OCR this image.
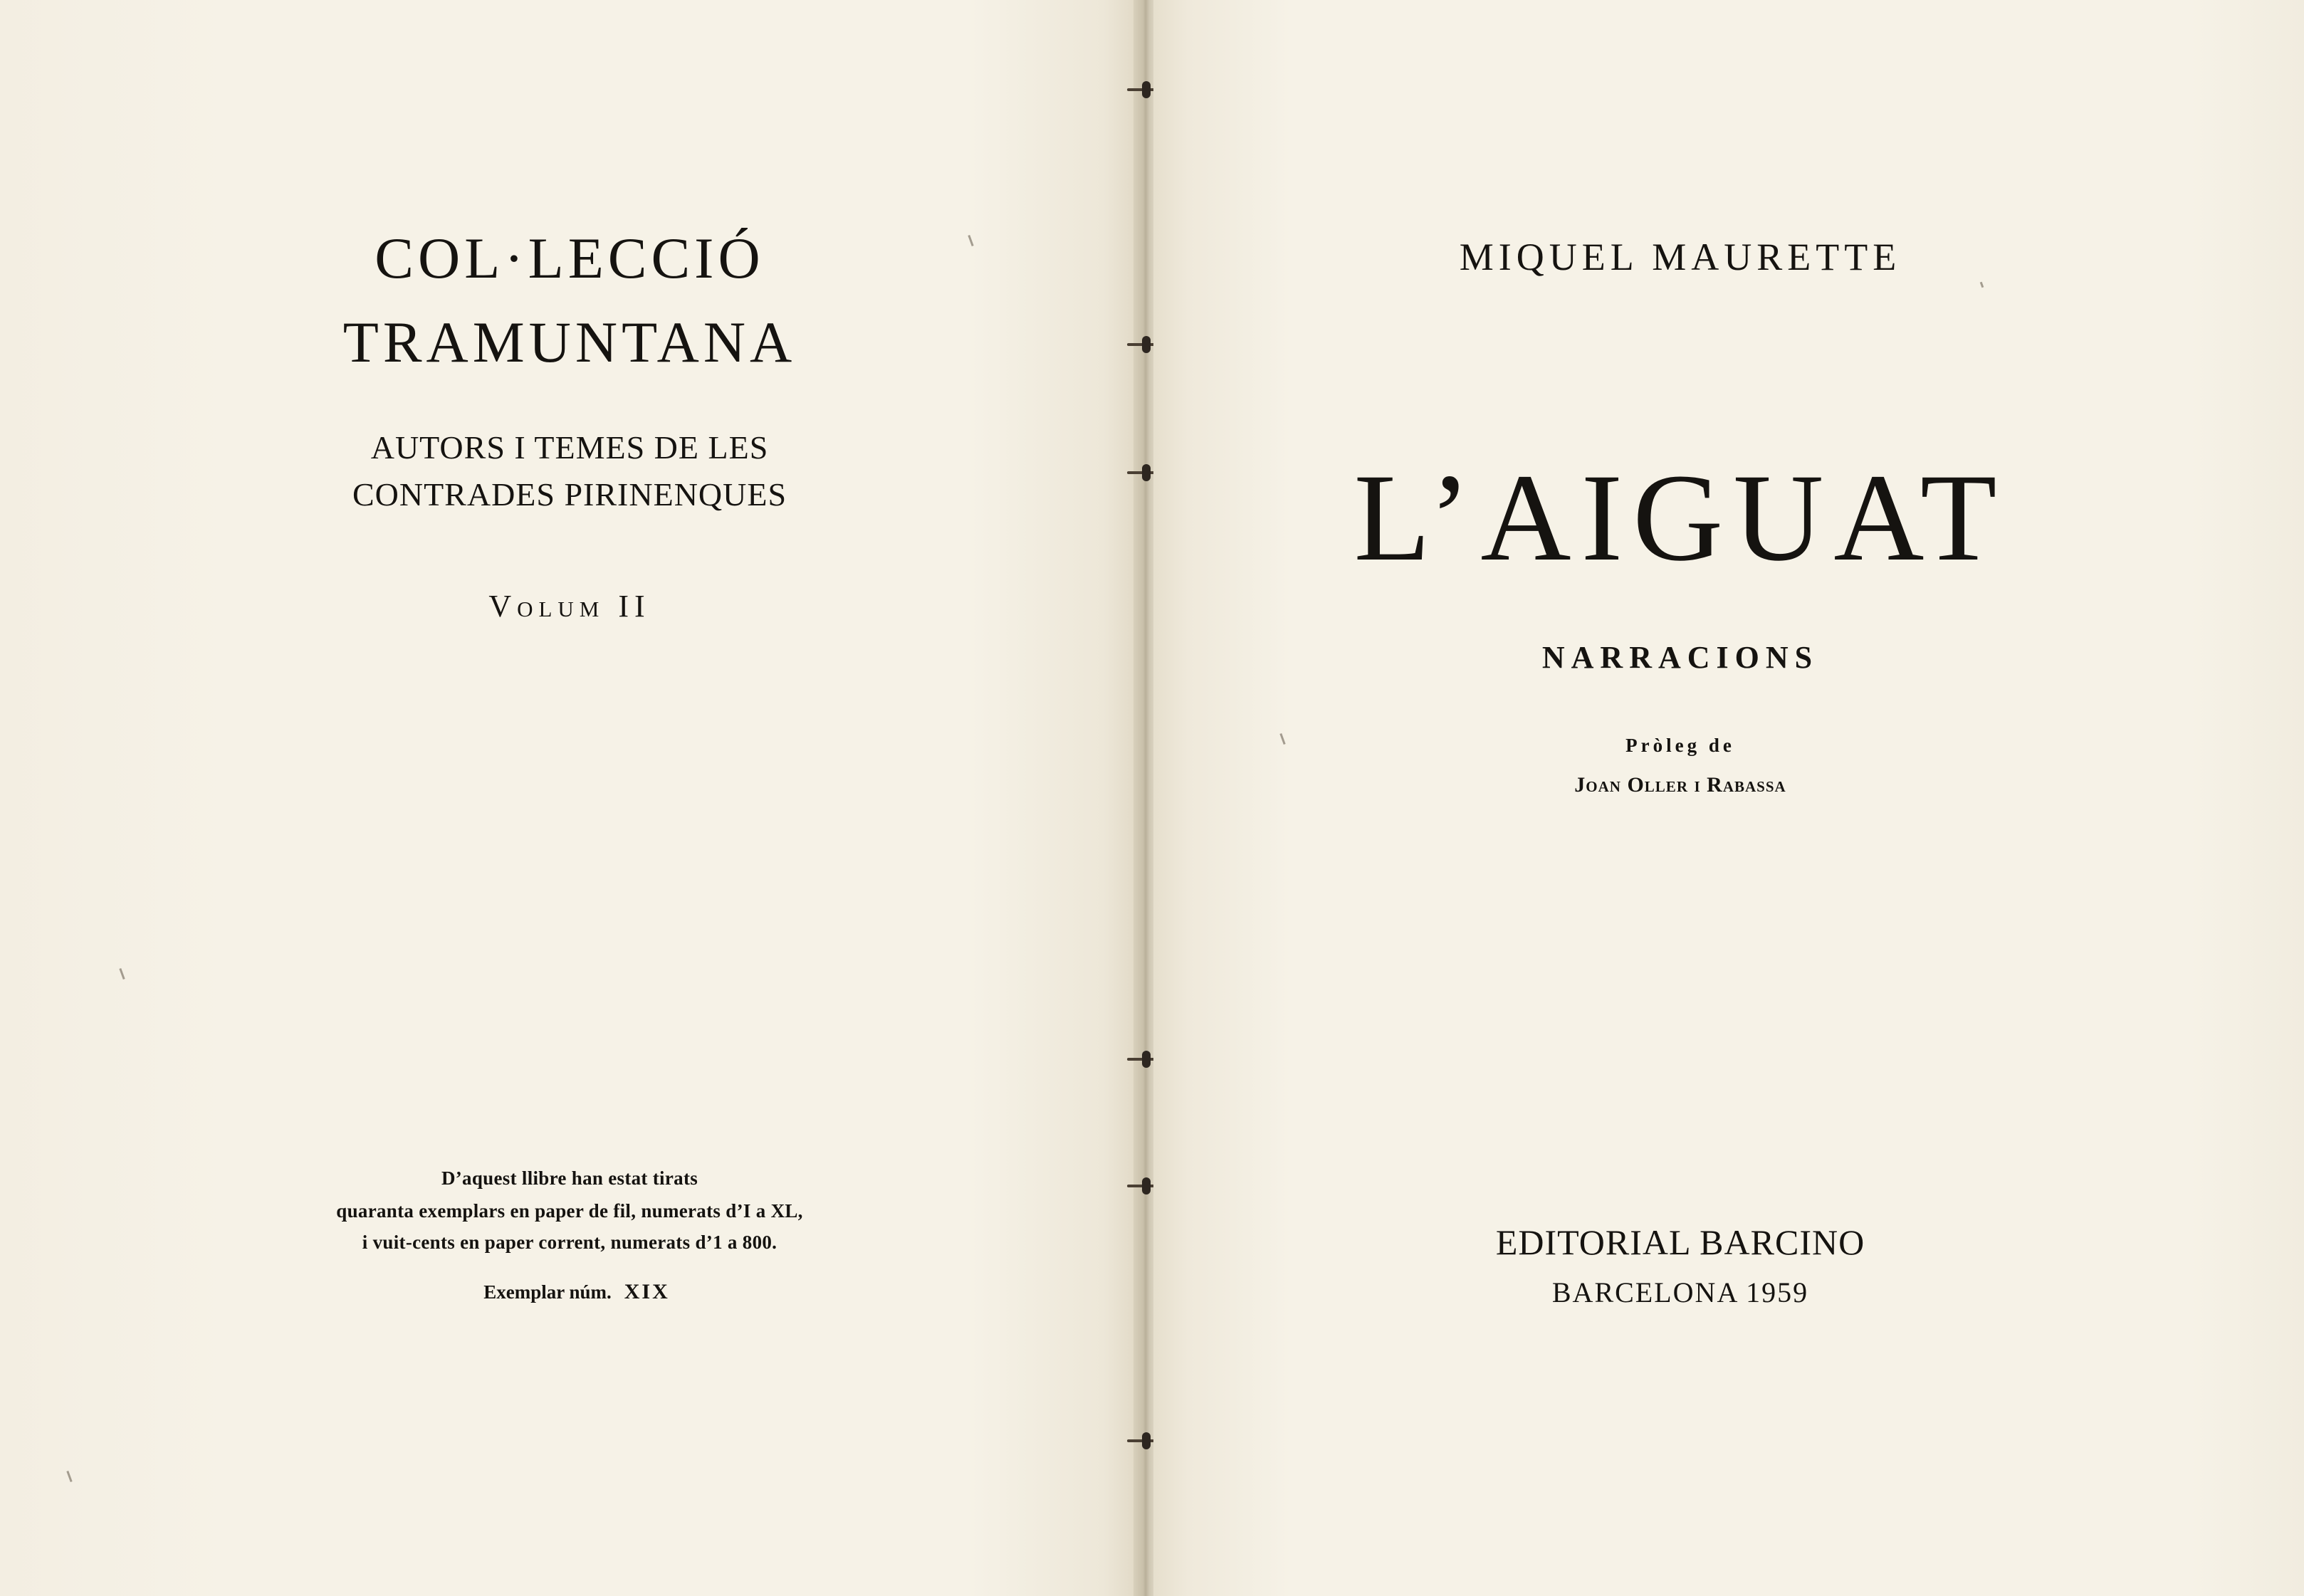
COL·LECCIÓ
TRAMUNTANA
AUTORS I TEMES DE LES
CONTRADES PIRINENQUES
Volum II
D’aquest llibre han estat tirats
quaranta exemplars en paper de fil, numerats d’I a XL,
i vuit-cents en paper corrent, numerats d’1 a 800.
Exemplar núm. XIX
MIQUEL MAURETTE
L’AIGUAT
NARRACIONS
Pròleg de
Joan Oller i Rabassa
EDITORIAL BARCINO
BARCELONA 1959
